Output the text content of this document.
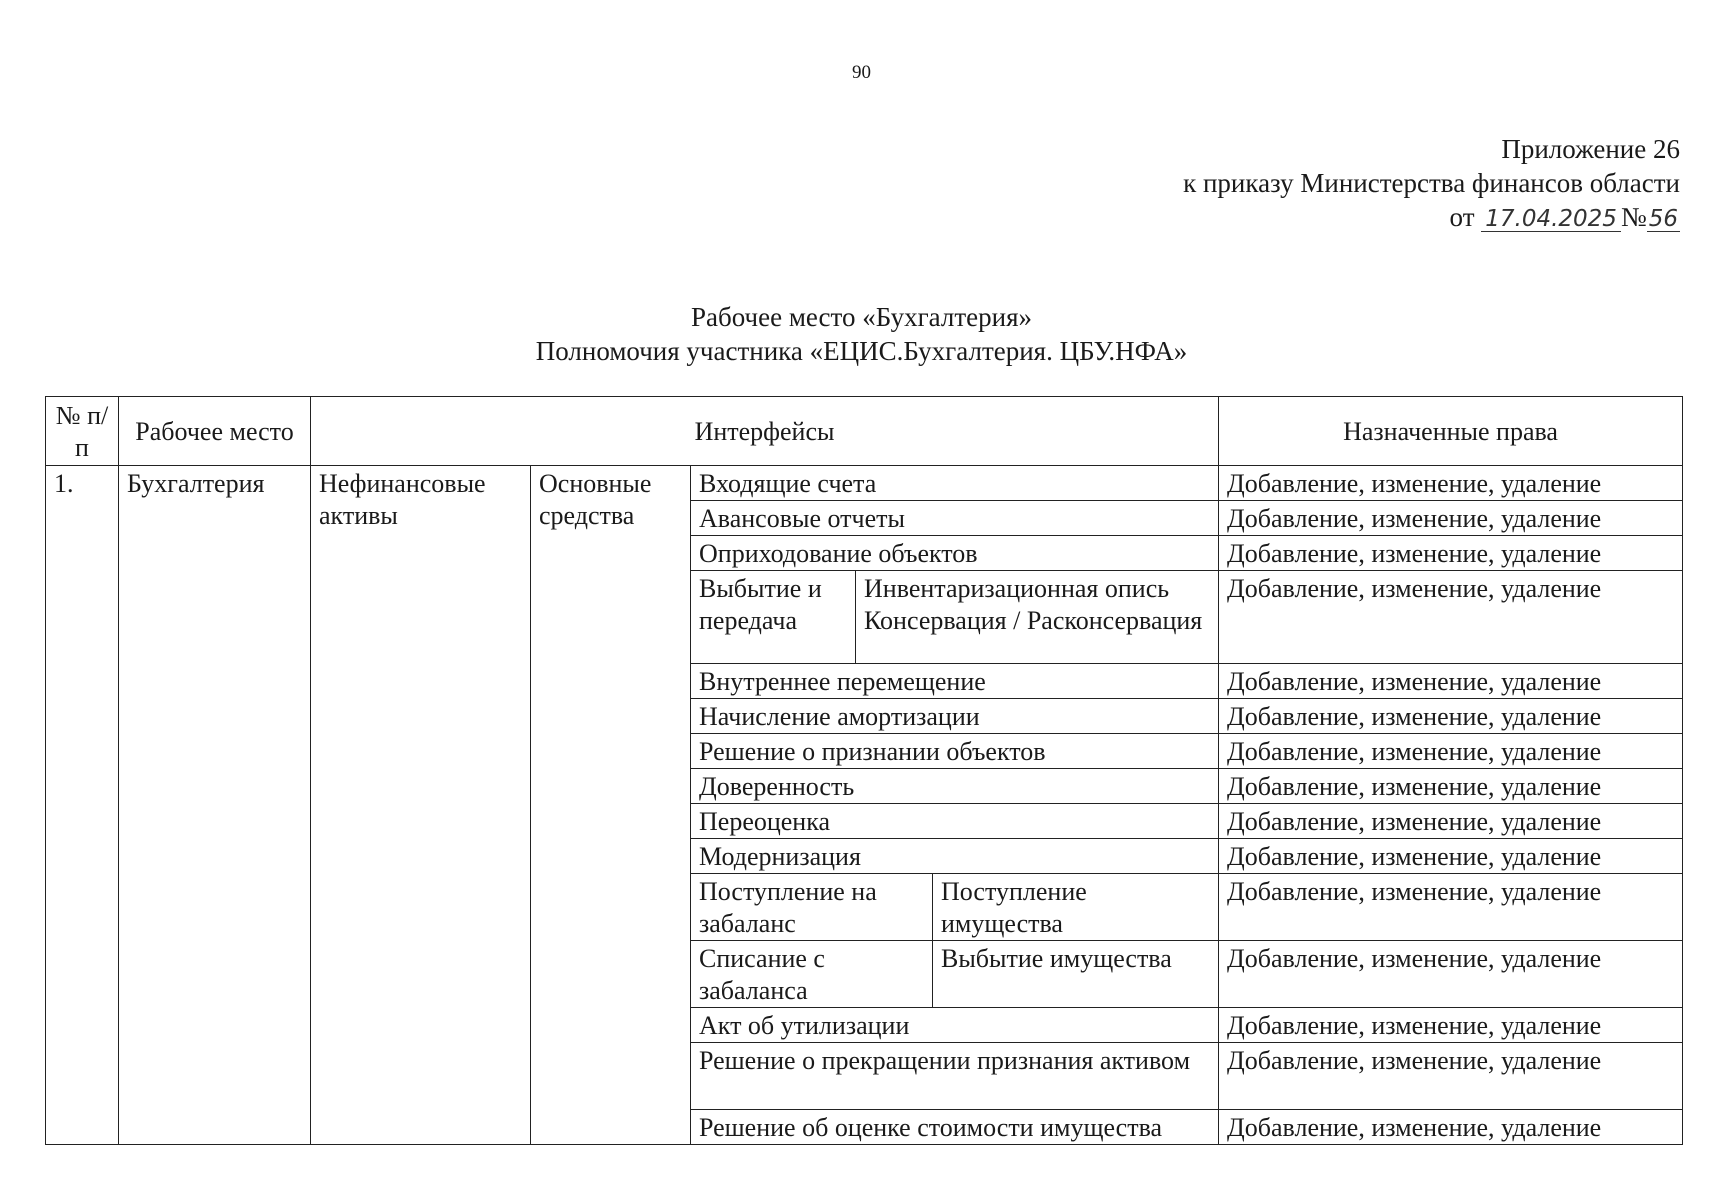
90
Приложение 26
к приказу Министерства финансов области
от 17.04.2025 №56
Рабочее место «Бухгалтерия»
Полномочия участника «ЕЦИС.Бухгалтерия. ЦБУ.НФА»
№ п/п	Рабочее место	Интерфейсы					Назначенные права
1.	Бухгалтерия	Нефинансовые активы	Основные средства	Входящие счета			Добавление, изменение, удаление
				Авансовые отчеты			Добавление, изменение, удаление
				Оприходование объектов			Добавление, изменение, удаление
				Выбытие и передача	Инвентаризационная опись Консервация / Расконсервация		Добавление, изменение, удаление
				Внутреннее перемещение			Добавление, изменение, удаление
				Начисление амортизации			Добавление, изменение, удаление
				Решение о признании объектов			Добавление, изменение, удаление
				Доверенность			Добавление, изменение, удаление
				Переоценка			Добавление, изменение, удаление
				Модернизация			Добавление, изменение, удаление
				Поступление на забаланс		Поступление имущества	Добавление, изменение, удаление
				Списание с забаланса		Выбытие имущества	Добавление, изменение, удаление
				Акт об утилизации			Добавление, изменение, удаление
				Решение о прекращении признания активом			Добавление, изменение, удаление
				Решение об оценке стоимости имущества			Добавление, изменение, удаление
